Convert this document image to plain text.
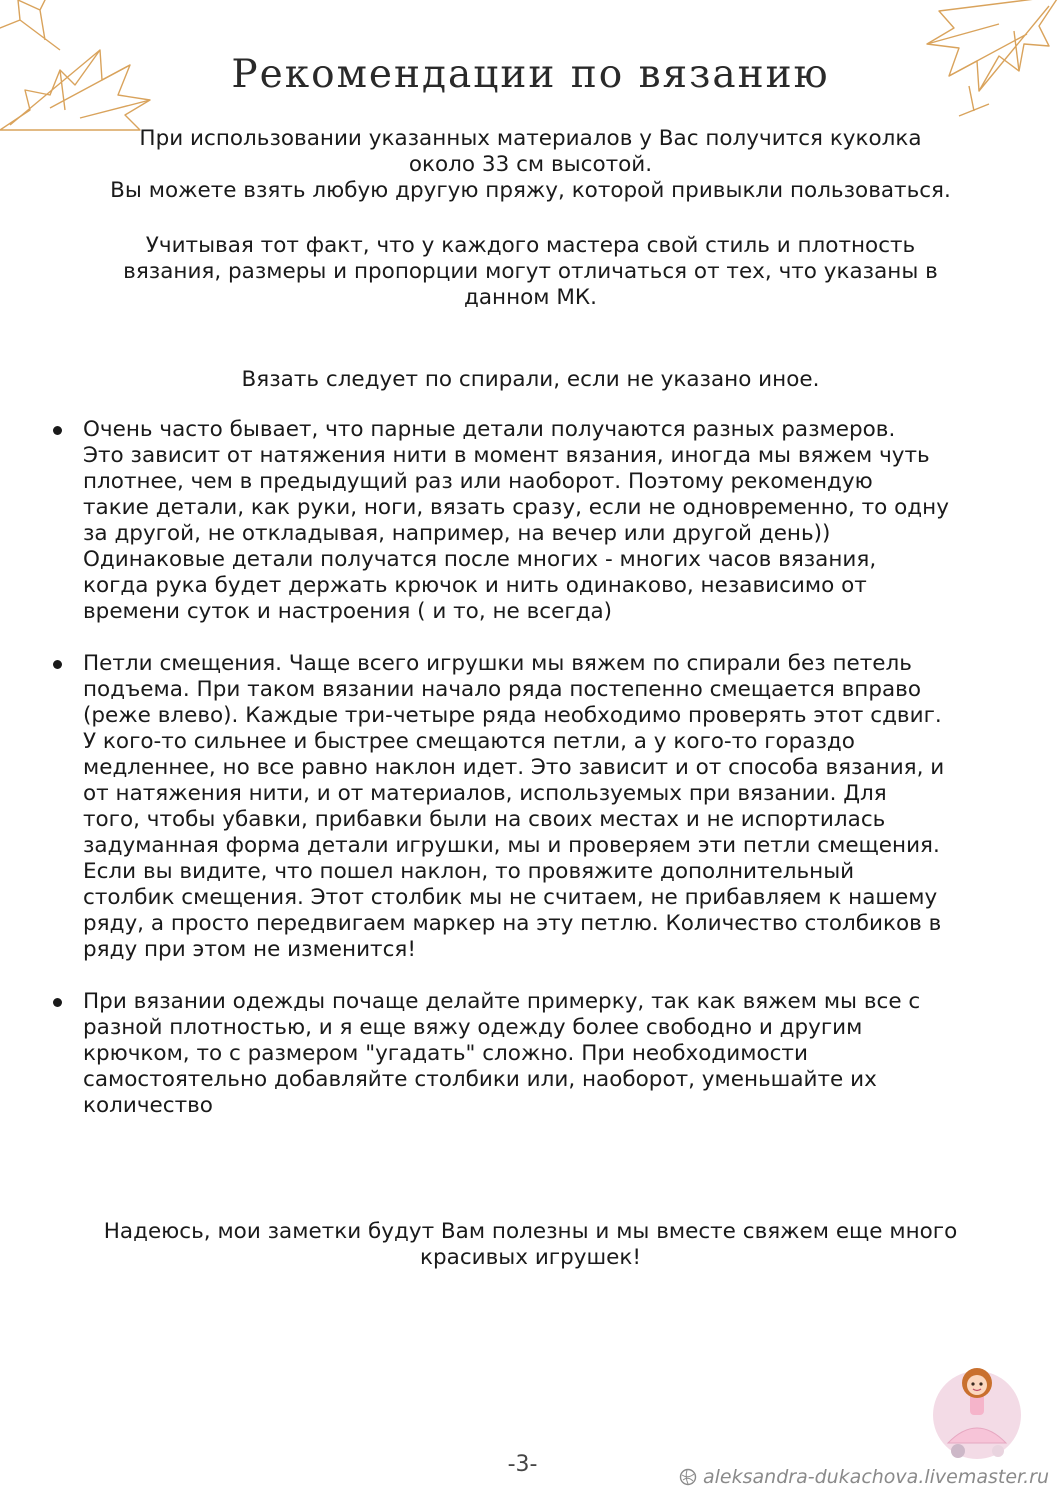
Рекомендации по вязанию

При использовании указанных материалов у Вас получится куколка
около 33 см высотой.
Вы можете взять любую другую пряжу, которой привыкли пользоваться.

Учитывая тот факт, что у каждого мастера свой стиль и плотность
вязания, размеры и пропорции могут отличаться от тех, что указаны в
данном МК.

Вязать следует по спирали, если не указано иное.

Очень часто бывает, что парные детали получаются разных размеров.
Это зависит от натяжения нити в момент вязания, иногда мы вяжем чуть
плотнее, чем в предыдущий раз или наоборот. Поэтому рекомендую
такие детали, как руки, ноги, вязать сразу, если не одновременно, то одну
за другой, не откладывая, например, на вечер или другой день))
Одинаковые детали получатся после многих - многих часов вязания,
когда рука будет держать крючок и нить одинаково, независимо от
времени суток и настроения ( и то, не всегда)
Петли смещения. Чаще всего игрушки мы вяжем по спирали без петель
подъема. При таком вязании начало ряда постепенно смещается вправо
(реже влево). Каждые три-четыре ряда необходимо проверять этот сдвиг.
У кого-то сильнее и быстрее смещаются петли, а у кого-то гораздо
медленнее, но все равно наклон идет. Это зависит и от способа вязания, и
от натяжения нити, и от материалов, используемых при вязании. Для
того, чтобы убавки, прибавки были на своих местах и не испортилась
задуманная форма детали игрушки, мы и проверяем эти петли смещения.
Если вы видите, что пошел наклон, то провяжите дополнительный
столбик смещения. Этот столбик мы не считаем, не прибавляем к нашему
ряду, а просто передвигаем маркер на эту петлю. Количество столбиков в
ряду при этом не изменится!
При вязании одежды почаще делайте примерку, так как вяжем мы все с
разной плотностью, и я еще вяжу одежду более свободно и другим
крючком, то с размером "угадать" сложно. При необходимости
самостоятельно добавляйте столбики или, наоборот, уменьшайте их
количество

Надеюсь, мои заметки будут Вам полезны и мы вместе свяжем еще много
красивых игрушек!

-3-	aleksandra-dukachova.livemaster.ru
